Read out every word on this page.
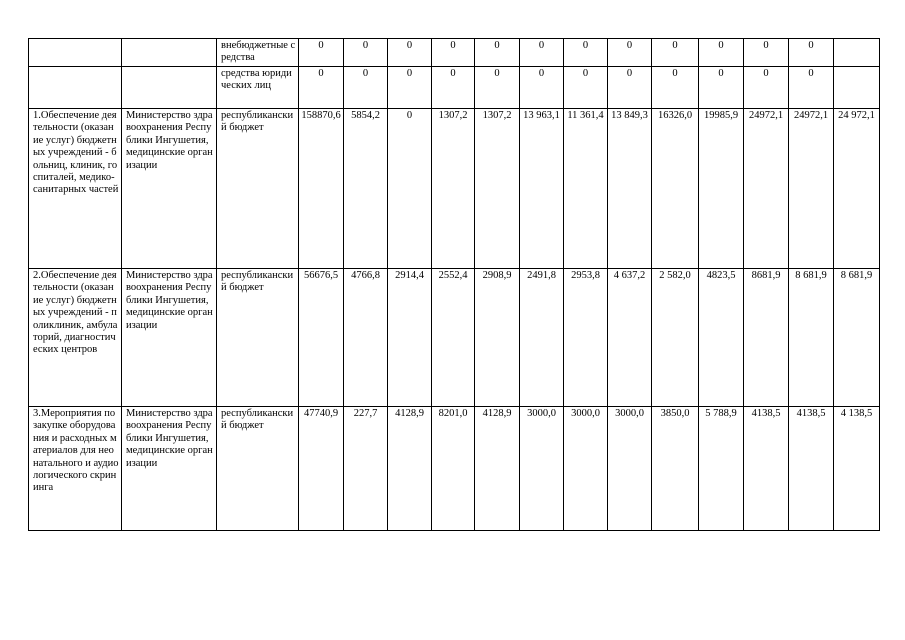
		внебюджетные средства	0	0	0	0	0	0	0	0	0	0	0	0	
		средства юридических лиц	0	0	0	0	0	0	0	0	0	0	0	0	
1.Обеспечение деятельности (оказание услуг) бюджетных учреждений - больниц, клиник, госпиталей, медико-санитарных частей	Министерство здравоохранения Республики Ингушетия, медицинские организации	республиканский бюджет	158870,6	5854,2	0	1307,2	1307,2	13 963,1	11 361,4	13 849,3	16326,0	19985,9	24972,1	24972,1	24 972,1
2.Обеспечение деятельности (оказание услуг) бюджетных учреждений - поликлиник, амбулаторий, диагностических центров	Министерство здравоохранения Республики Ингушетия, медицинские организации	республиканский бюджет	56676,5	4766,8	2914,4	2552,4	2908,9	2491,8	2953,8	4 637,2	2 582,0	4823,5	8681,9	8 681,9	8 681,9
3.Мероприятия по закупке оборудования и расходных материалов для неонатального и аудиологического скрининга	Министерство здравоохранения Республики Ингушетия, медицинские организации	республиканский бюджет	47740,9	227,7	4128,9	8201,0	4128,9	3000,0	3000,0	3000,0	3850,0	5 788,9	4138,5	4138,5	4 138,5
